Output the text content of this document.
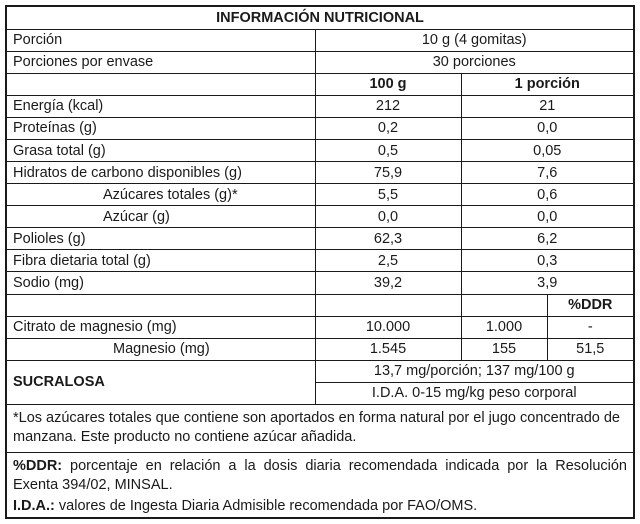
INFORMACIÓN NUTRICIONAL			
Porción	10 g (4 gomitas)		
Porciones por envase	30 porciones		
	100 g	1 porción	
Energía (kcal)	212	21	
Proteínas (g)	0,2	0,0	
Grasa total (g)	0,5	0,05	
Hidratos de carbono disponibles (g)	75,9	7,6	
Azúcares totales (g)*	5,5	0,6	
Azúcar (g)	0,0	0,0	
Polioles (g)	62,3	6,2	
Fibra dietaria total (g)	2,5	0,3	
Sodio (mg)	39,2	3,9	
			%DDR
Citrato de magnesio (mg)	10.000	1.000	-
Magnesio (mg)	1.545	155	51,5
SUCRALOSA	13,7 mg/porción; 137 mg/100 g		
	I.D.A. 0-15 mg/kg peso corporal		
*Los azúcares totales que contiene son aportados en forma natural por el jugo concentrado de manzana. Este producto no contiene azúcar añadida.
%DDR: porcentaje en relación a la dosis diaria recomendada indicada por la Resolución Exenta 394/02, MINSAL.
I.D.A.: valores de Ingesta Diaria Admisible recomendada por FAO/OMS.
